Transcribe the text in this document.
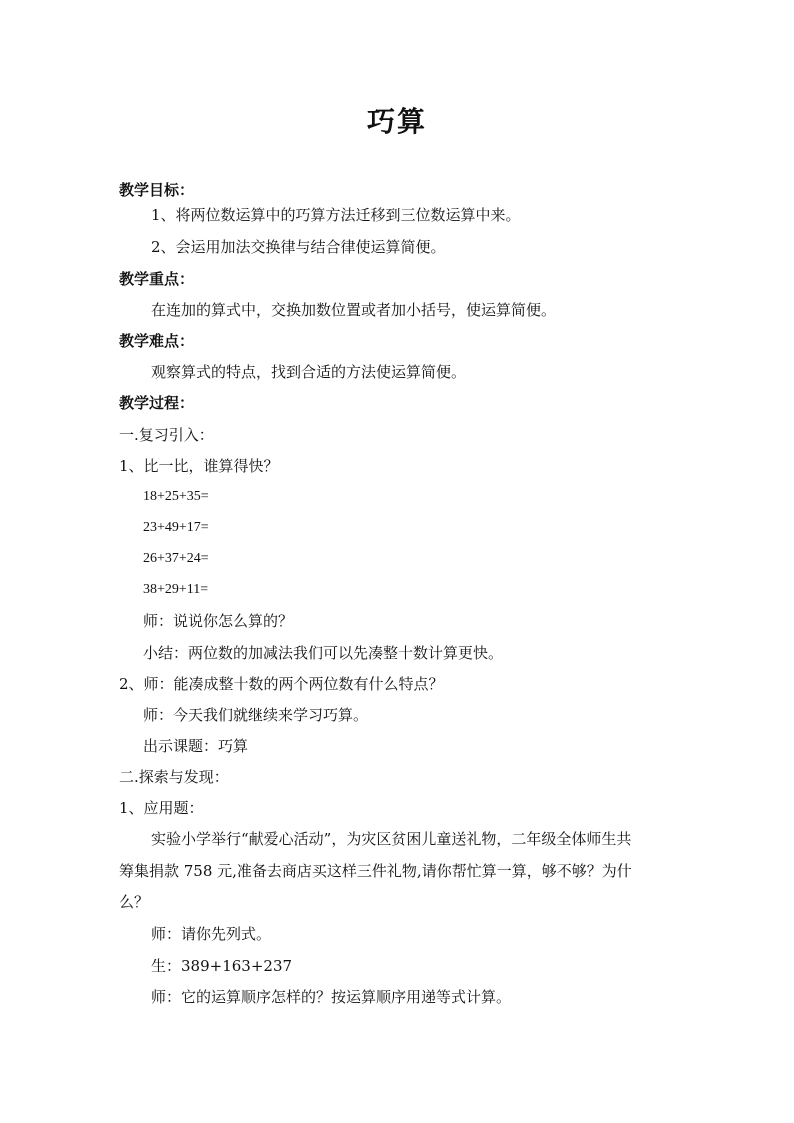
巧算
教学目标：
1、将两位数运算中的巧算方法迁移到三位数运算中来。
2、会运用加法交换律与结合律使运算简便。
教学重点：
在连加的算式中，交换加数位置或者加小括号，使运算简便。
教学难点：
观察算式的特点，找到合适的方法使运算简便。
教学过程：
一.复习引入：
1、比一比，谁算得快？
18+25+35=
23+49+17=
26+37+24=
38+29+11=
师：说说你怎么算的？
小结：两位数的加减法我们可以先凑整十数计算更快。
2、师：能凑成整十数的两个两位数有什么特点？
师：今天我们就继续来学习巧算。
出示课题：巧算
二.探索与发现：
1、应用题：
实验小学举行“献爱心活动”，为灾区贫困儿童送礼物，二年级全体师生共
筹集捐款 758 元,准备去商店买这样三件礼物,请你帮忙算一算，够不够？为什
么？
师：请你先列式。
生：389+163+237
师：它的运算顺序怎样的？按运算顺序用递等式计算。
